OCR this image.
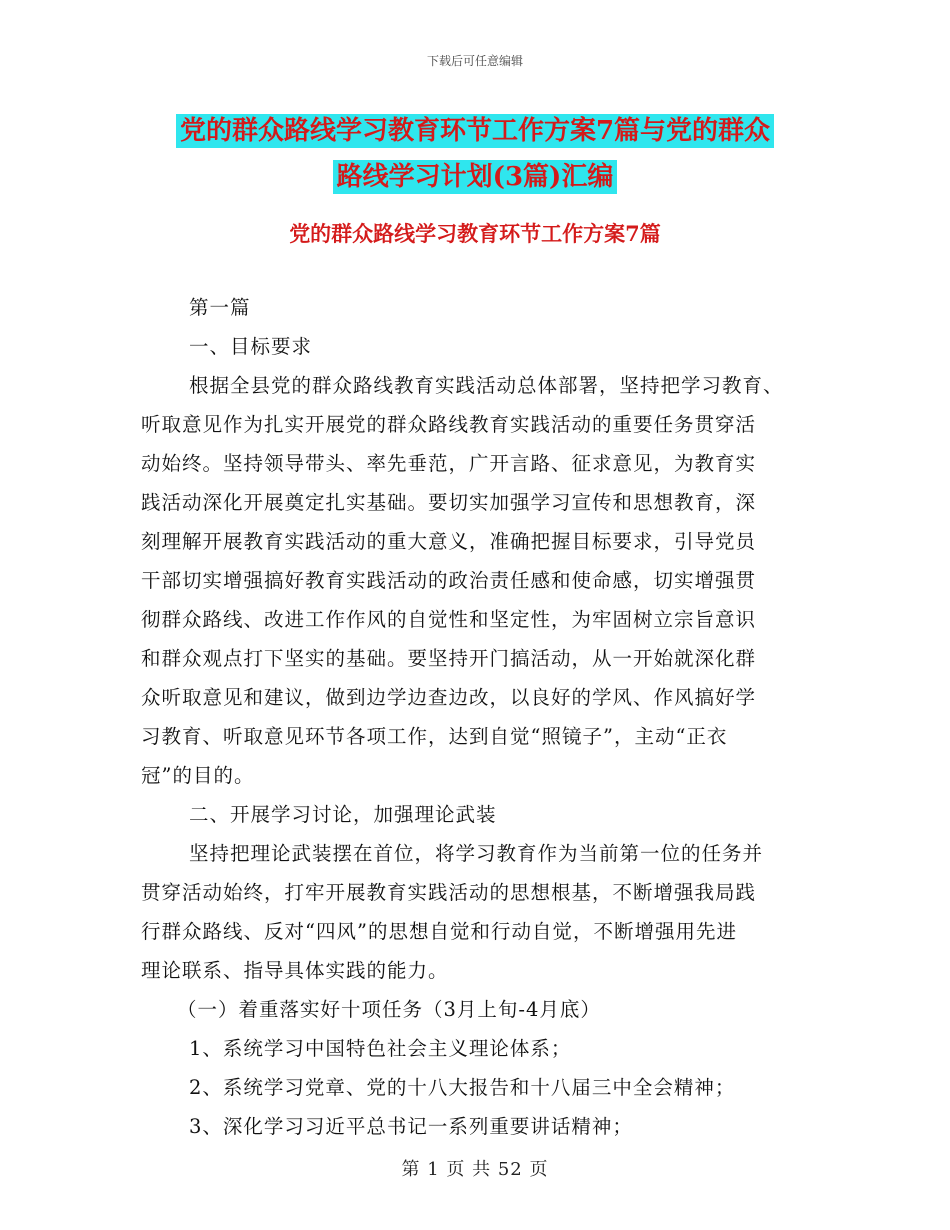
下载后可任意编辑
党的群众路线学习教育环节工作方案7篇与党的群众
路线学习计划(3篇)汇编
党的群众路线学习教育环节工作方案7篇
第一篇
一、目标要求
根据全县党的群众路线教育实践活动总体部署，坚持把学习教育、
听取意见作为扎实开展党的群众路线教育实践活动的重要任务贯穿活
动始终。坚持领导带头、率先垂范，广开言路、征求意见，为教育实
践活动深化开展奠定扎实基础。要切实加强学习宣传和思想教育，深
刻理解开展教育实践活动的重大意义，准确把握目标要求，引导党员
干部切实增强搞好教育实践活动的政治责任感和使命感，切实增强贯
彻群众路线、改进工作作风的自觉性和坚定性，为牢固树立宗旨意识
和群众观点打下坚实的基础。要坚持开门搞活动，从一开始就深化群
众听取意见和建议，做到边学边查边改，以良好的学风、作风搞好学
习教育、听取意见环节各项工作，达到自觉“照镜子”，主动“正衣
冠”的目的。
二、开展学习讨论，加强理论武装
坚持把理论武装摆在首位，将学习教育作为当前第一位的任务并
贯穿活动始终，打牢开展教育实践活动的思想根基，不断增强我局践
行群众路线、反对“四风”的思想自觉和行动自觉，不断增强用先进
理论联系、指导具体实践的能力。
（一）着重落实好十项任务（3月上旬-4月底）
1、系统学习中国特色社会主义理论体系；
2、系统学习党章、党的十八大报告和十八届三中全会精神；
3、深化学习习近平总书记一系列重要讲话精神；
第 1 页 共 52 页
